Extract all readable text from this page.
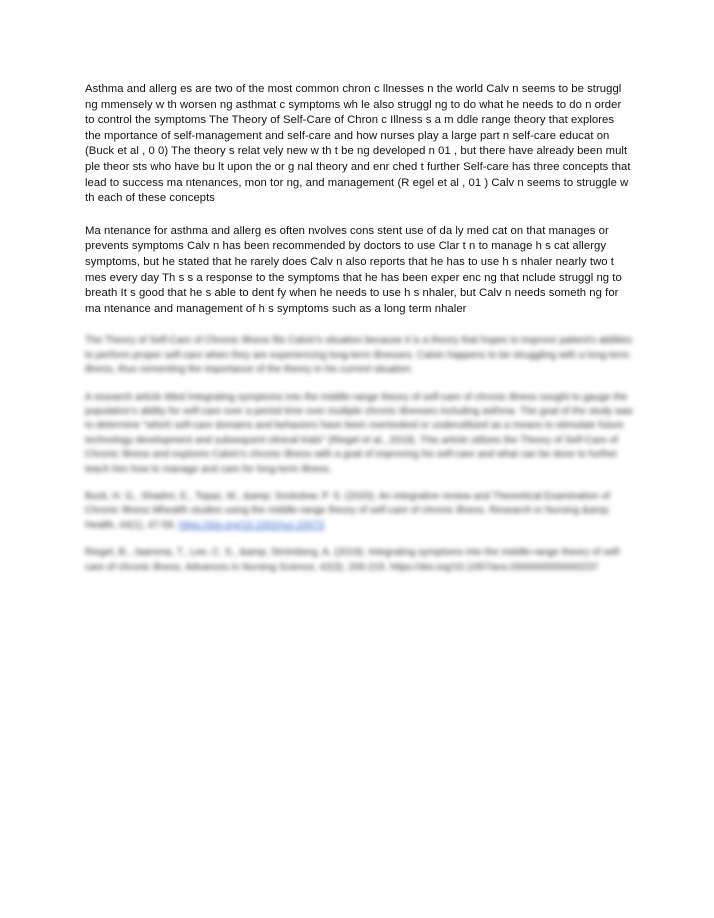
Asthma and allerg es are two of the most common chron c llnesses n the world Calv n seems to be struggl ng mmensely w th worsen ng asthmat c symptoms wh le also struggl ng to do what he needs to do n order to control the symptoms The Theory of Self-Care of Chron c Illness s a m ddle range theory that explores the mportance of self-management and self-care and how nurses play a large part n self-care educat on (Buck et al , 0 0) The theory s relat vely new w th t be ng developed n 01 , but there have already been mult ple theor sts who have bu lt upon the or g nal theory and enr ched t further Self-care has three concepts that lead to success ma ntenances, mon tor ng, and management (R egel et al , 01 ) Calv n seems to struggle w th each of these concepts

Ma ntenance for asthma and allerg es often nvolves cons stent use of da ly med cat on that manages or prevents symptoms Calv n has been recommended by doctors to use Clar t n to manage h s cat allergy symptoms, but he stated that he rarely does Calv n also reports that he has to use h s nhaler nearly two t mes every day Th s s a response to the symptoms that he has been exper enc ng that nclude struggl ng to breath It s good that he s able to dent fy when he needs to use h s nhaler, but Calv n needs someth ng for ma ntenance and management of h s symptoms such as a long term nhaler

The Theory of Self-Care of Chronic Illness fits Calvin's situation because it is a theory that hopes to improve patient's abilities to perform proper self-care when they are experiencing long-term illnesses. Calvin happens to be struggling with a long-term illness, thus cementing the importance of the theory in his current situation.

A research article titled Integrating symptoms into the middle-range theory of self-care of chronic illness sought to gauge the population's ability for self-care over a period time over multiple chronic illnesses including asthma. The goal of the study was to determine "which self-care domains and behaviors have been overlooked or underutilized as a means to stimulate future technology development and subsequent clinical trials" (Riegel et al., 2019). This article utilizes the Theory of Self-Care of Chronic Illness and explores Calvin's chronic illness with a goal of improving his self-care and what can be done to further teach him how to manage and care for long-term illness.

Buck, H. G., Shadmi, E., Topaz, M., &amp; Sockolow, P. S. (2020). An integrative review and Theoretical Examination of Chronic Illness Mhealth studies using the middle-range theory of self-care of chronic illness. Research in Nursing &amp; Health, 44(1), 47-59. https://doi.org/10.1002/nur.22073

Riegel, B., Jaarsma, T., Lee, C. S., &amp; Strömberg, A. (2019). Integrating symptoms into the middle-range theory of self-care of chronic illness. Advances in Nursing Science, 42(3), 206-215. https://doi.org/10.1097/ans.0000000000000237
